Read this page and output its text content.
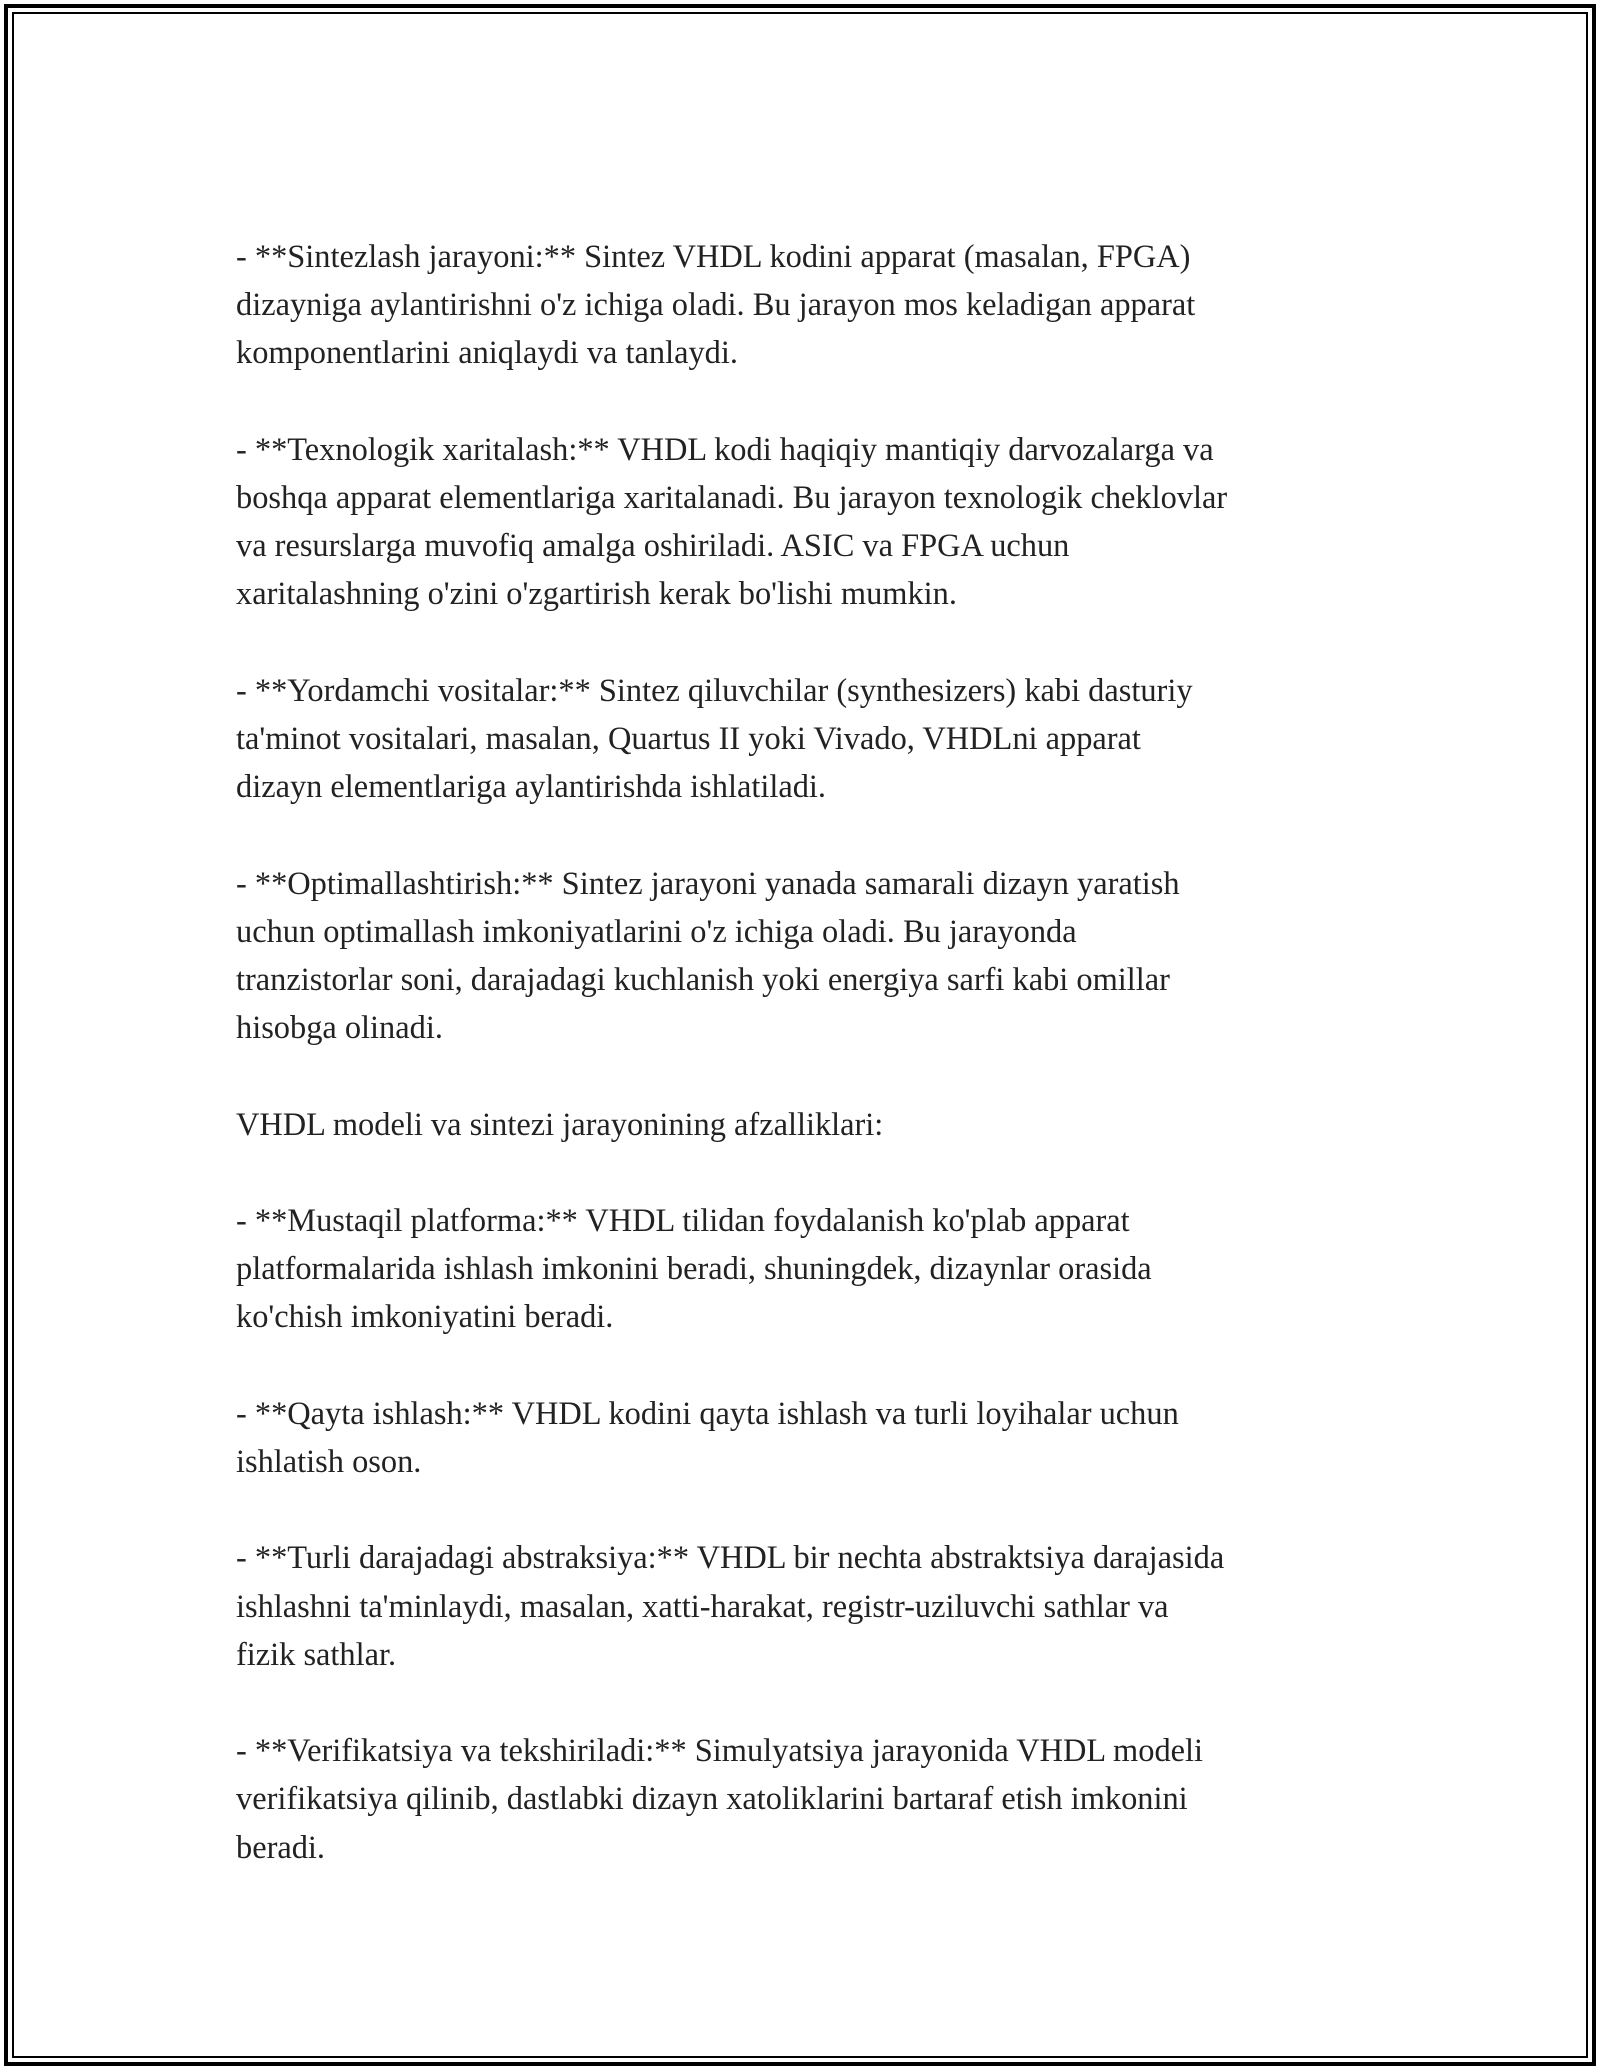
- **Sintezlash jarayoni:** Sintez VHDL kodini apparat (masalan, FPGA)
dizayniga aylantirishni o'z ichiga oladi. Bu jarayon mos keladigan apparat
komponentlarini aniqlaydi va tanlaydi.

- **Texnologik xaritalash:** VHDL kodi haqiqiy mantiqiy darvozalarga va
boshqa apparat elementlariga xaritalanadi. Bu jarayon texnologik cheklovlar
va resurslarga muvofiq amalga oshiriladi. ASIC va FPGA uchun
xaritalashning o'zini o'zgartirish kerak bo'lishi mumkin.

- **Yordamchi vositalar:** Sintez qiluvchilar (synthesizers) kabi dasturiy
ta'minot vositalari, masalan, Quartus II yoki Vivado, VHDLni apparat
dizayn elementlariga aylantirishda ishlatiladi.

- **Optimallashtirish:** Sintez jarayoni yanada samarali dizayn yaratish
uchun optimallash imkoniyatlarini o'z ichiga oladi. Bu jarayonda
tranzistorlar soni, darajadagi kuchlanish yoki energiya sarfi kabi omillar
hisobga olinadi.

VHDL modeli va sintezi jarayonining afzalliklari:

- **Mustaqil platforma:** VHDL tilidan foydalanish ko'plab apparat
platformalarida ishlash imkonini beradi, shuningdek, dizaynlar orasida
ko'chish imkoniyatini beradi.

- **Qayta ishlash:** VHDL kodini qayta ishlash va turli loyihalar uchun
ishlatish oson.

- **Turli darajadagi abstraksiya:** VHDL bir nechta abstraktsiya darajasida
ishlashni ta'minlaydi, masalan, xatti-harakat, registr-uziluvchi sathlar va
fizik sathlar.

- **Verifikatsiya va tekshiriladi:** Simulyatsiya jarayonida VHDL modeli
verifikatsiya qilinib, dastlabki dizayn xatoliklarini bartaraf etish imkonini
beradi.
